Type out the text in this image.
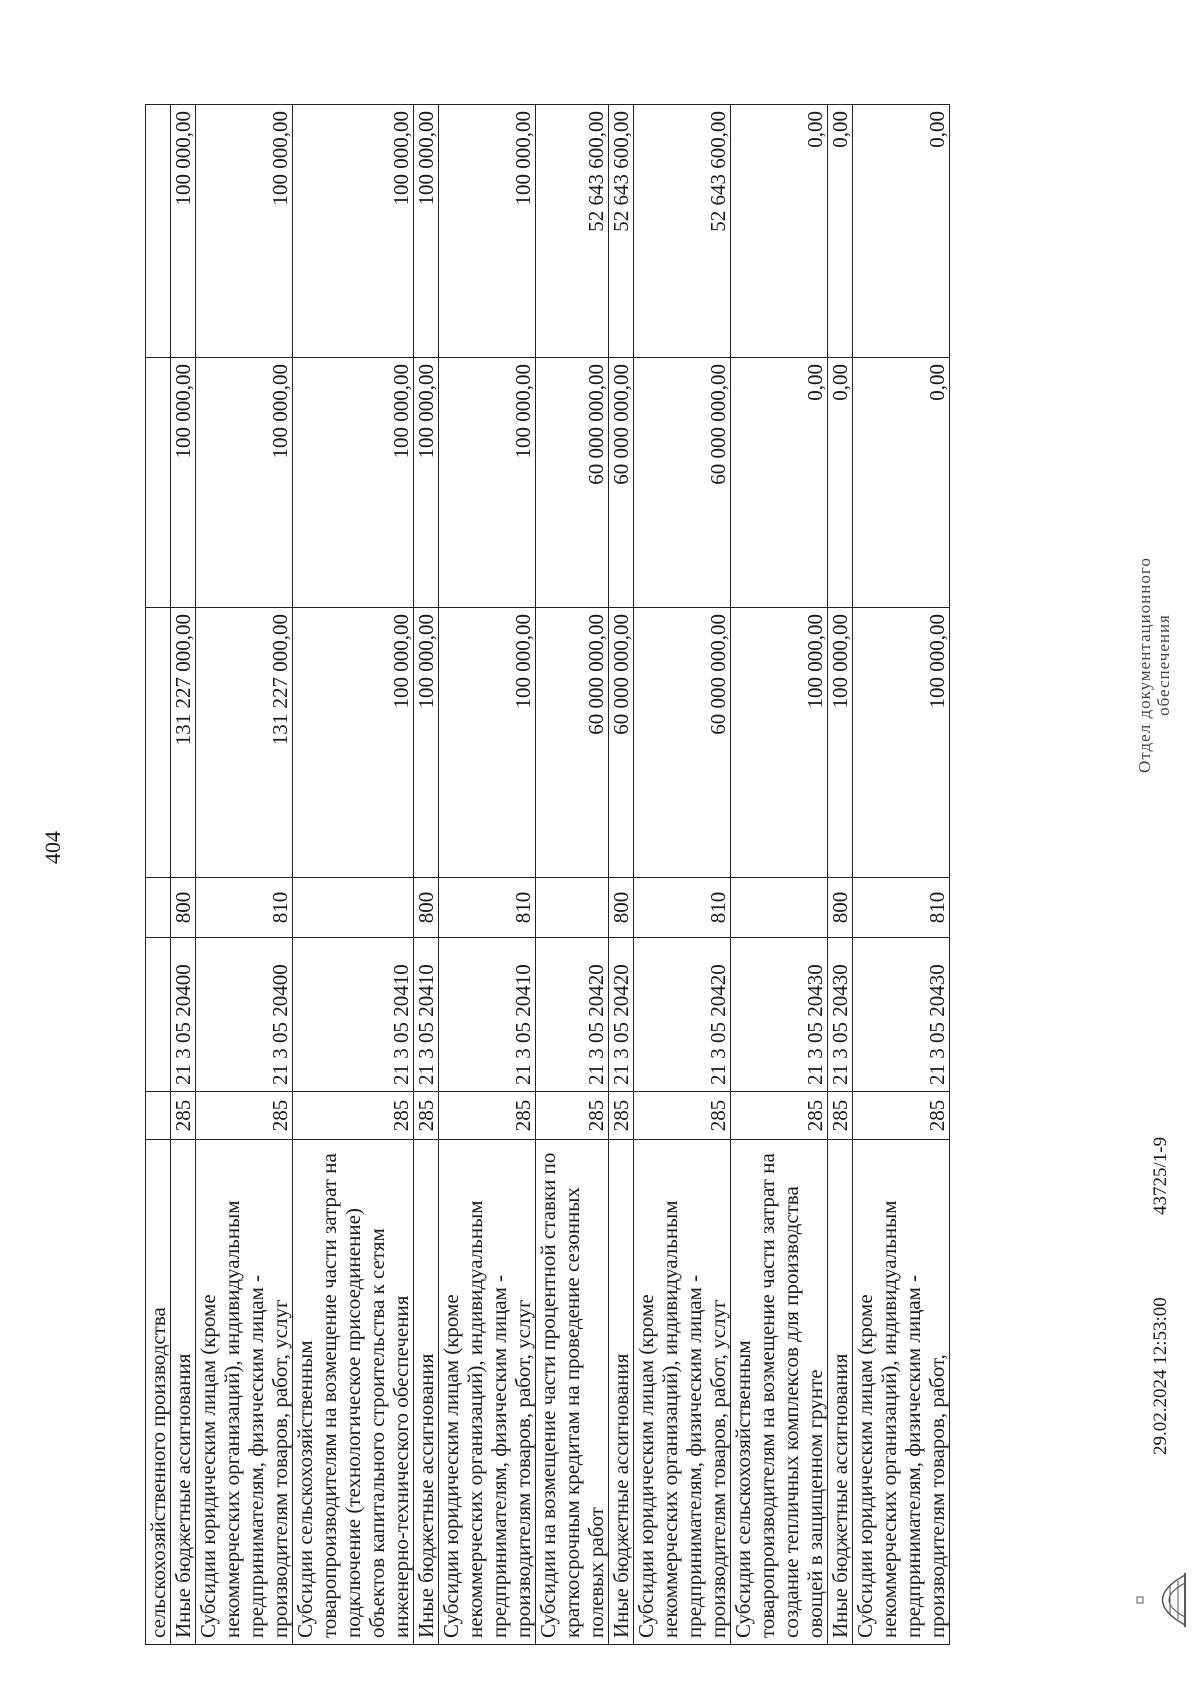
404
сельскохозяйственного производства						
Иные бюджетные ассигнования	285	21 3 05 20400	800	131 227 000,00	100 000,00	100 000,00
Субсидии юридическим лицам (кроме некоммерческих организаций), индивидуальным предпринимателям, физическим лицам - производителям товаров, работ, услуг	285	21 3 05 20400	810	131 227 000,00	100 000,00	100 000,00
Субсидии сельскохозяйственным товаропроизводителям на возмещение части затрат на подключение (технологическое присоединение) объектов капитального строительства к сетям инженерно-технического обеспечения	285	21 3 05 20410		100 000,00	100 000,00	100 000,00
Иные бюджетные ассигнования	285	21 3 05 20410	800	100 000,00	100 000,00	100 000,00
Субсидии юридическим лицам (кроме некоммерческих организаций), индивидуальным предпринимателям, физическим лицам - производителям товаров, работ, услуг	285	21 3 05 20410	810	100 000,00	100 000,00	100 000,00
Субсидии на возмещение части процентной ставки по краткосрочным кредитам на проведение сезонных полевых работ	285	21 3 05 20420		60 000 000,00	60 000 000,00	52 643 600,00
Иные бюджетные ассигнования	285	21 3 05 20420	800	60 000 000,00	60 000 000,00	52 643 600,00
Субсидии юридическим лицам (кроме некоммерческих организаций), индивидуальным предпринимателям, физическим лицам - производителям товаров, работ, услуг	285	21 3 05 20420	810	60 000 000,00	60 000 000,00	52 643 600,00
Субсидии сельскохозяйственным товаропроизводителям на возмещение части затрат на создание тепличных комплексов для производства овощей в защищенном грунте	285	21 3 05 20430		100 000,00	0,00	0,00
Иные бюджетные ассигнования	285	21 3 05 20430	800	100 000,00	0,00	0,00
Субсидии юридическим лицам (кроме некоммерческих организаций), индивидуальным предпринимателям, физическим лицам - производителям товаров, работ,	285	21 3 05 20430	810	100 000,00	0,00	0,00
29.02.2024 12:53:00
43725/1-9
Отдел документационного обеспечения
